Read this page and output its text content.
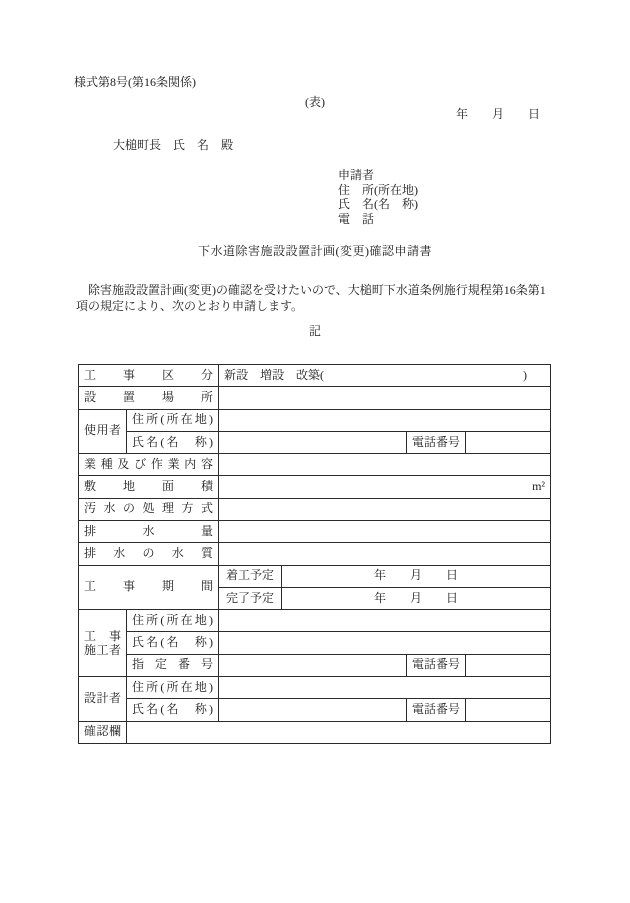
様式第8号(第16条関係)
(表)
年　　月　　日
大槌町長　氏　名　殿
申請者
住　所(所在地)
氏　名(名　称)
電　話
下水道除害施設設置計画(変更)確認申請書
　除害施設設置計画(変更)の確認を受けたいので、大槌町下水道条例施行規程第16条第1
項の規定により、次のとおり申請します。
記
工事区分		新設　増設　改築( )			

設置場所					
使用者	住所(所在地)				
	氏名(名　称)			電話番号	
業種及び作業内容					
敷地面積		m²			
汚水の処理方式					
排水量					
排水の水質					
工事期間		着工予定	年　　月　　日		
		完了予定	年　　月　　日		

工事
施工者	住所(所在地)				
	氏名(名　称)				
	指定番号			電話番号	
設計者	住所(所在地)				
	氏名(名　称)			電話番号	
確認欄					
